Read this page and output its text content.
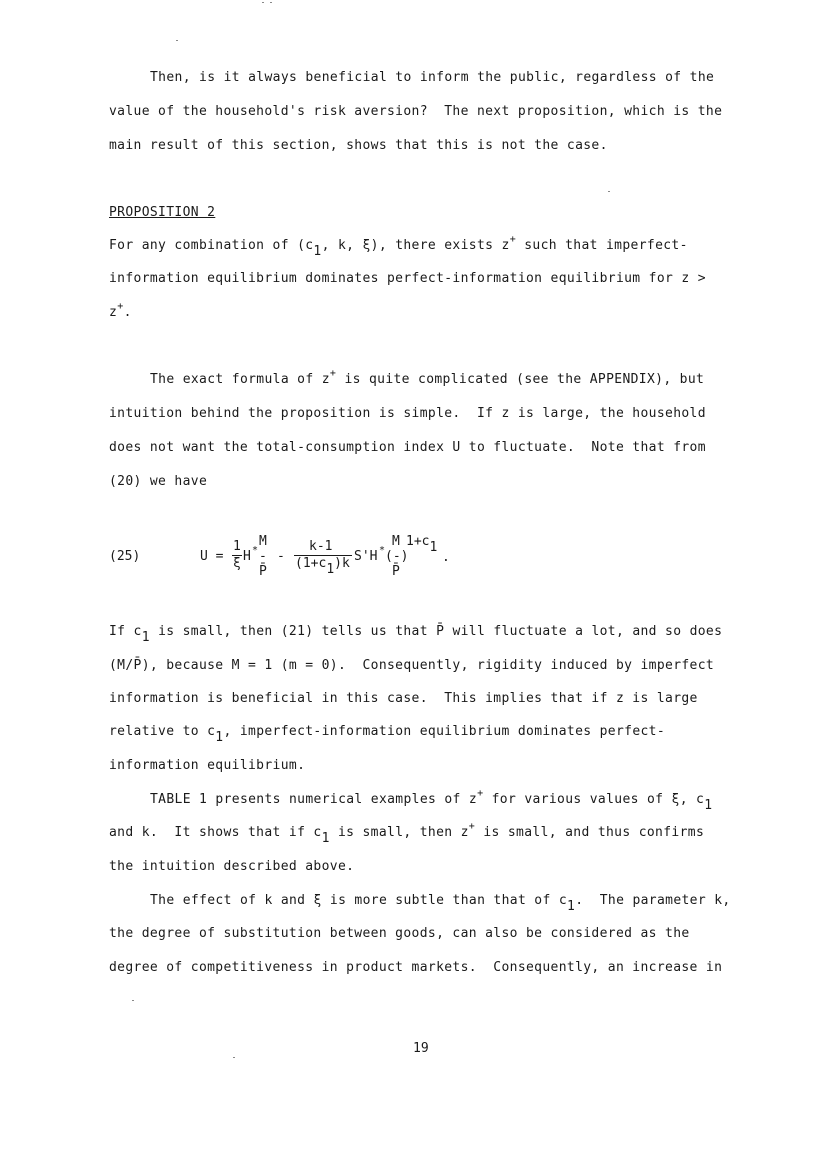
Then, is it always beneficial to inform the public, regardless of the
value of the household's risk aversion?  The next proposition, which is the
main result of this section, shows that this is not the case.
PROPOSITION 2
For any combination of ($c_1$, k, ξ), there exists z+ such that imperfect-
information equilibrium dominates perfect-information equilibrium for z >
z+.
The exact formula of z+ is quite complicated (see the APPENDIX), but
intuition behind the proposition is simple.  If z is large, the household
does not want the total-consumption index U to fluctuate.  Note that from
(20) we have
(25)	U =
1
ξ H *
M
-
P̄
-
k-1
$(1+c_1)k$ S'H *
M
(-)
P̄
$1+c_1$
.
If $c_1$ is small, then (21) tells us that P̄ will fluctuate a lot, and so does
(M/P̄), because M = 1 (m = 0).  Consequently, rigidity induced by imperfect
information is beneficial in this case.  This implies that if z is large
relative to $c_1$, imperfect-information equilibrium dominates perfect-
information equilibrium.
TABLE 1 presents numerical examples of z+ for various values of ξ, $c_1$
and k.  It shows that if $c_1$ is small, then z+ is small, and thus confirms
the intuition described above.
The effect of k and ξ is more subtle than that of $c_1$.  The parameter k,
the degree of substitution between goods, can also be considered as the
degree of competitiveness in product markets.  Consequently, an increase in
19
